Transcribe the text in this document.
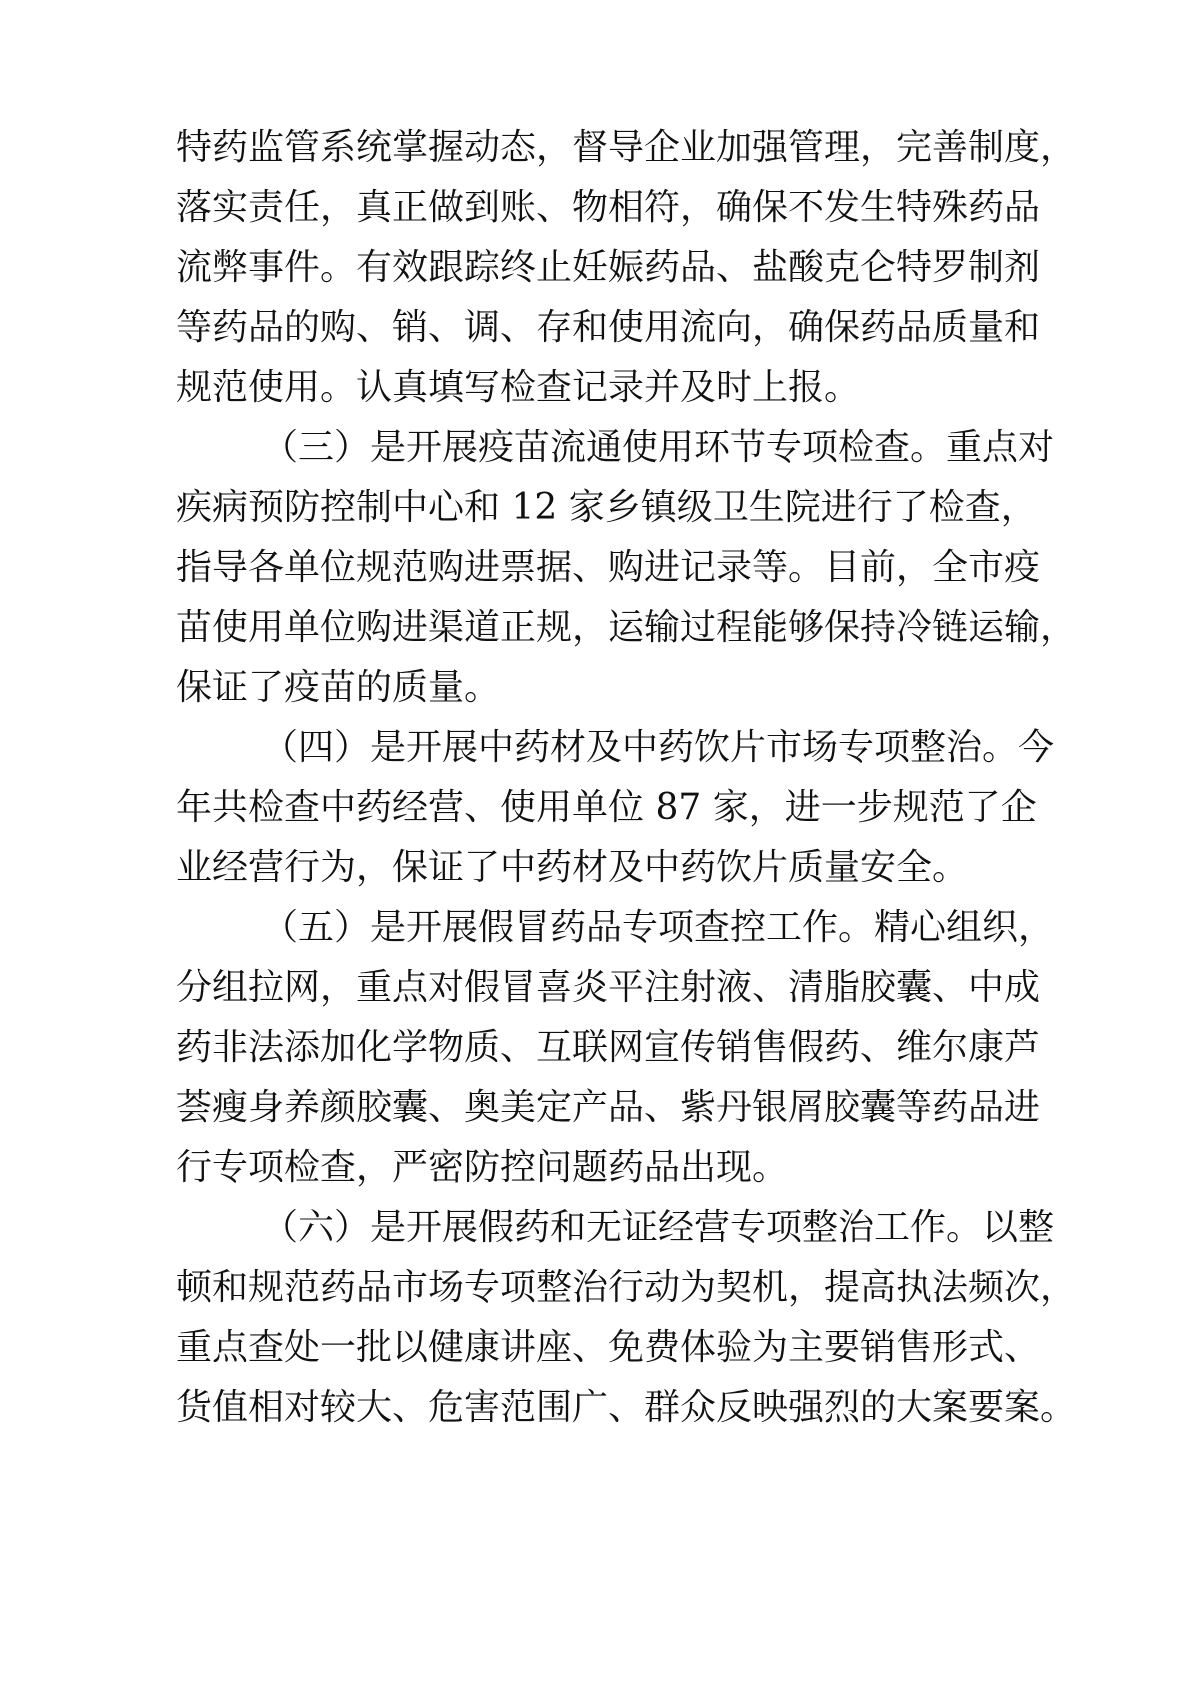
特药监管系统掌握动态，督导企业加强管理，完善制度，
落实责任，真正做到账、物相符，确保不发生特殊药品
流弊事件。有效跟踪终止妊娠药品、盐酸克仑特罗制剂
等药品的购、销、调、存和使用流向，确保药品质量和
规范使用。认真填写检查记录并及时上报。
（三）是开展疫苗流通使用环节专项检查。重点对
疾病预防控制中心和 12 家乡镇级卫生院进行了检查，
指导各单位规范购进票据、购进记录等。目前，全市疫
苗使用单位购进渠道正规，运输过程能够保持冷链运输，
保证了疫苗的质量。
（四）是开展中药材及中药饮片市场专项整治。今
年共检查中药经营、使用单位 87 家，进一步规范了企
业经营行为，保证了中药材及中药饮片质量安全。
（五）是开展假冒药品专项查控工作。精心组织，
分组拉网，重点对假冒喜炎平注射液、清脂胶囊、中成
药非法添加化学物质、互联网宣传销售假药、维尔康芦
荟瘦身养颜胶囊、奥美定产品、紫丹银屑胶囊等药品进
行专项检查，严密防控问题药品出现。
（六）是开展假药和无证经营专项整治工作。以整
顿和规范药品市场专项整治行动为契机，提高执法频次，
重点查处一批以健康讲座、免费体验为主要销售形式、
货值相对较大、危害范围广、群众反映强烈的大案要案。
